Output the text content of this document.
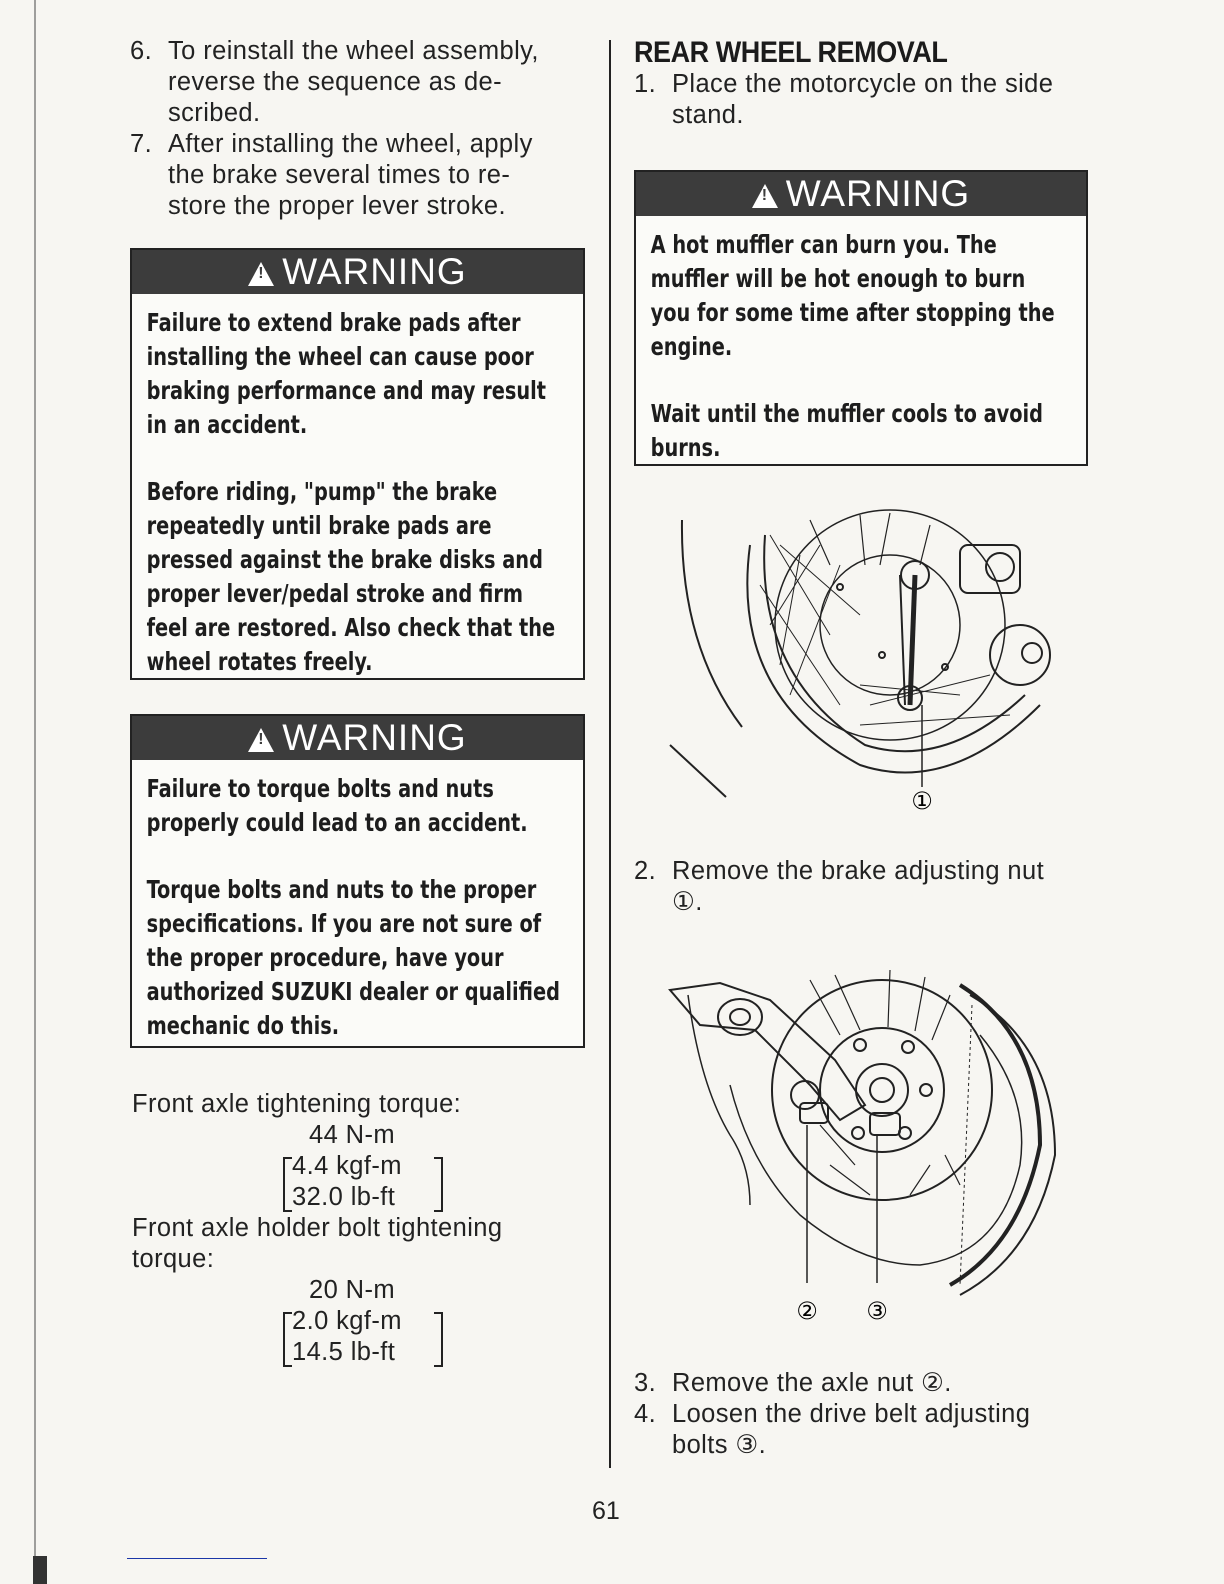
6. To reinstall the wheel assembly,
reverse the sequence as de-
scribed.
7. After installing the wheel, apply
the brake several times to re-
store the proper lever stroke.
!WARNING

Failure to extend brake pads after installing the wheel can cause poor braking performance and may result in an accident.

Before riding, "pump" the brake repeatedly until brake pads are pressed against the brake disks and proper lever/pedal stroke and firm feel are restored. Also check that the wheel rotates freely.

!WARNING

Failure to torque bolts and nuts properly could lead to an accident.

Torque bolts and nuts to the proper specifications. If you are not sure of the proper procedure, have your authorized SUZUKI dealer or qualified mechanic do this.

Front axle tightening torque:
44 N-m
4.4 kgf-m
32.0 lb-ft
Front axle holder bolt tightening
torque:
20 N-m
2.0 kgf-m
14.5 lb-ft
REAR WHEEL REMOVAL
1. Place the motorcycle on the side
stand.
!WARNING

A hot muffler can burn you. The muffler will be hot enough to burn you for some time after stopping the engine.

Wait until the muffler cools to avoid burns.

①
2. Remove the brake adjusting nut
①.
② ③
3. Remove the axle nut ②.
4. Loosen the drive belt adjusting
bolts ③.
61
